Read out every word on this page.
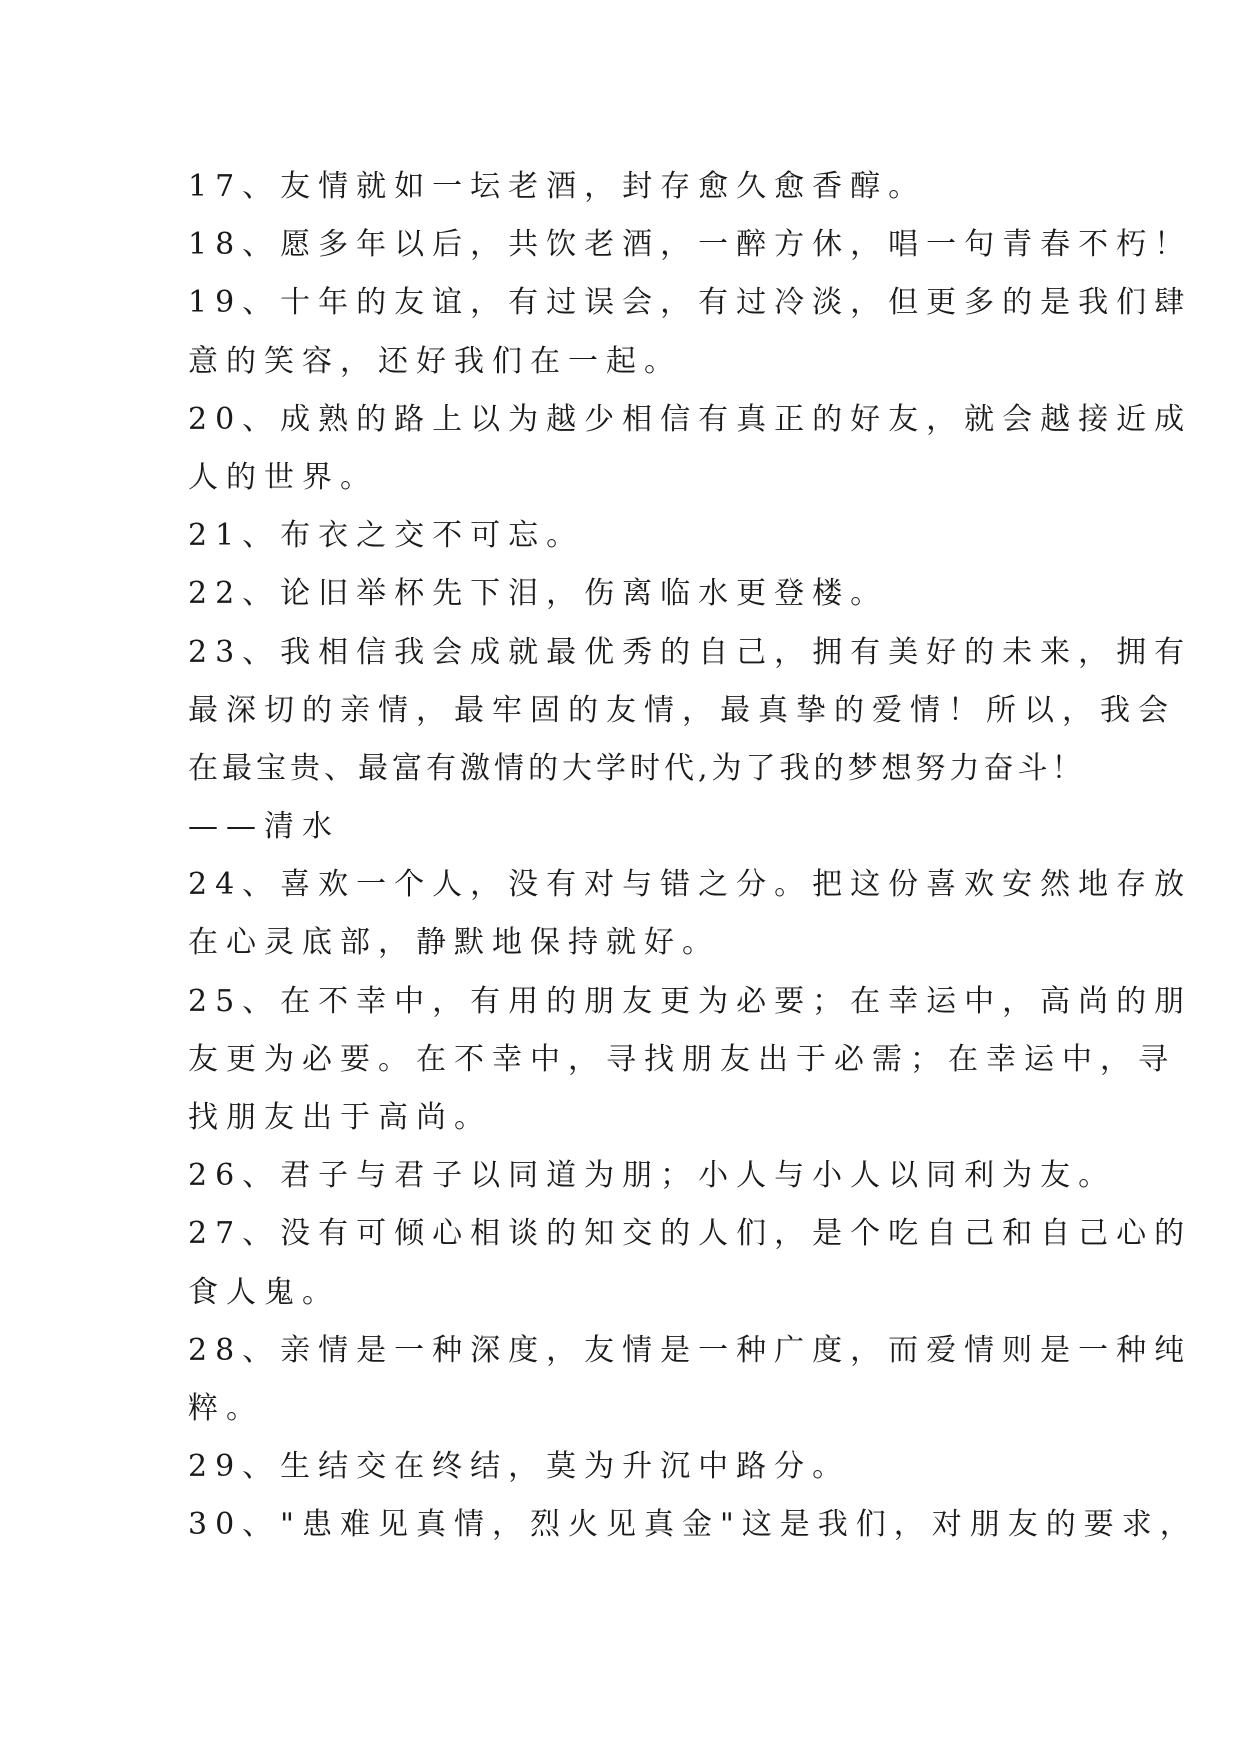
17、友情就如一坛老酒，封存愈久愈香醇。
18、愿多年以后，共饮老酒，一醉方休，唱一句青春不朽！
19、十年的友谊，有过误会，有过冷淡，但更多的是我们肆
意的笑容，还好我们在一起。
20、成熟的路上以为越少相信有真正的好友，就会越接近成
人的世界。
21、布衣之交不可忘。
22、论旧举杯先下泪，伤离临水更登楼。
23、我相信我会成就最优秀的自己，拥有美好的未来，拥有
最深切的亲情，最牢固的友情，最真挚的爱情！所以，我会
在最宝贵、最富有激情的大学时代,为了我的梦想努力奋斗！
——清水
24、喜欢一个人，没有对与错之分。把这份喜欢安然地存放
在心灵底部，静默地保持就好。
25、在不幸中，有用的朋友更为必要；在幸运中，高尚的朋
友更为必要。在不幸中，寻找朋友出于必需；在幸运中，寻
找朋友出于高尚。
26、君子与君子以同道为朋；小人与小人以同利为友。
27、没有可倾心相谈的知交的人们，是个吃自己和自己心的
食人鬼。
28、亲情是一种深度，友情是一种广度，而爱情则是一种纯
粹。
29、生结交在终结，莫为升沉中路分。
30、"患难见真情，烈火见真金"这是我们，对朋友的要求，
